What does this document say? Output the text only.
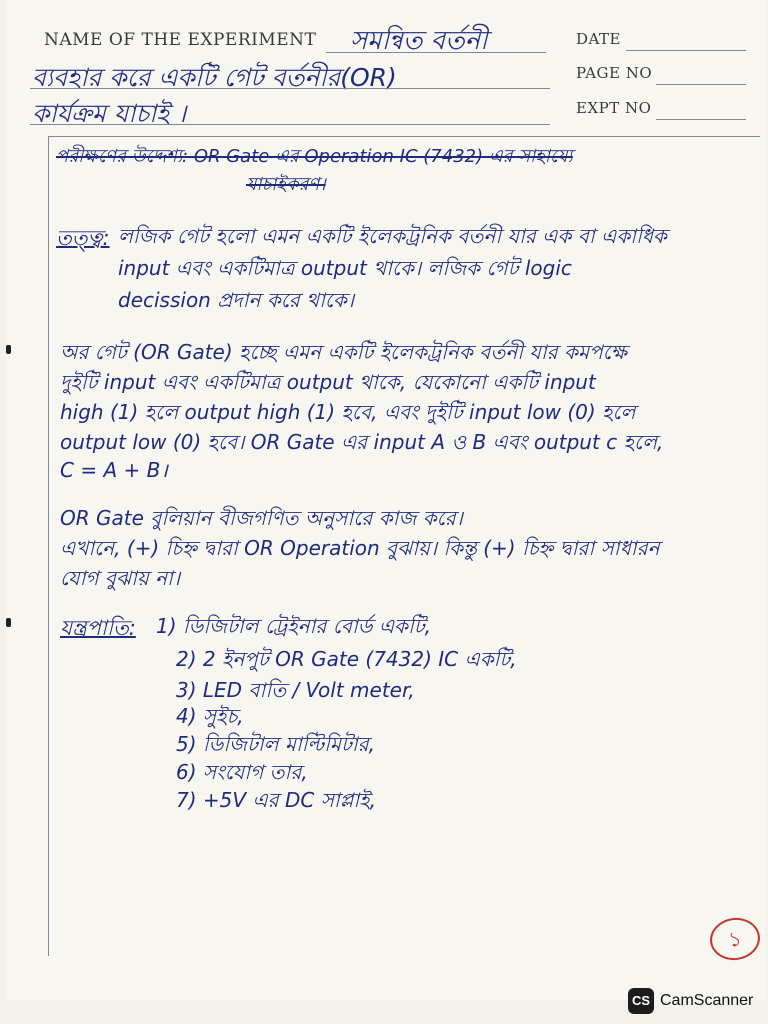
NAME OF THE EXPERIMENT	DATE
PAGE NO
EXPT NO
সমন্বিত বর্তনী
ব্যবহার করে একটি গেট বর্তনীর(OR)
কার্যক্রম যাচাই ।
পরীক্ষণের উদ্দেশ্য: OR Gate এর Operation IC (7432) এর সাহায্যে
যাচাইকরণ।
তত্ত্ব: লজিক গেট হলো এমন একটি ইলেকট্রনিক বর্তনী যার এক বা একাধিক
input এবং একটিমাত্র output থাকে। লজিক গেট logic
decission প্রদান করে থাকে।
অর গেট (OR Gate) হচ্ছে এমন একটি ইলেকট্রনিক বর্তনী যার কমপক্ষে
দুইটি input এবং একটিমাত্র output থাকে, যেকোনো একটি input
high (1) হলে output high (1) হবে, এবং দুইটি input low (0) হলে
output low (0) হবে। OR Gate এর input A ও B এবং output c হলে,
C = A + B।
OR Gate বুলিয়ান বীজগণিত অনুসারে কাজ করে।
এখানে, (+) চিহ্ন দ্বারা OR Operation বুঝায়। কিন্তু (+) চিহ্ন দ্বারা সাধারন
যোগ বুঝায় না।
যন্ত্রপাতি: 1) ডিজিটাল ট্রেইনার বোর্ড একটি,
2) 2 ইনপুট OR Gate (7432) IC একটি,
3) LED বাতি / Volt meter,
4) সুইচ,
5) ডিজিটাল মাল্টিমিটার,
6) সংযোগ তার,
7) +5V এর DC সাপ্লাই,
১
CS CamScanner
